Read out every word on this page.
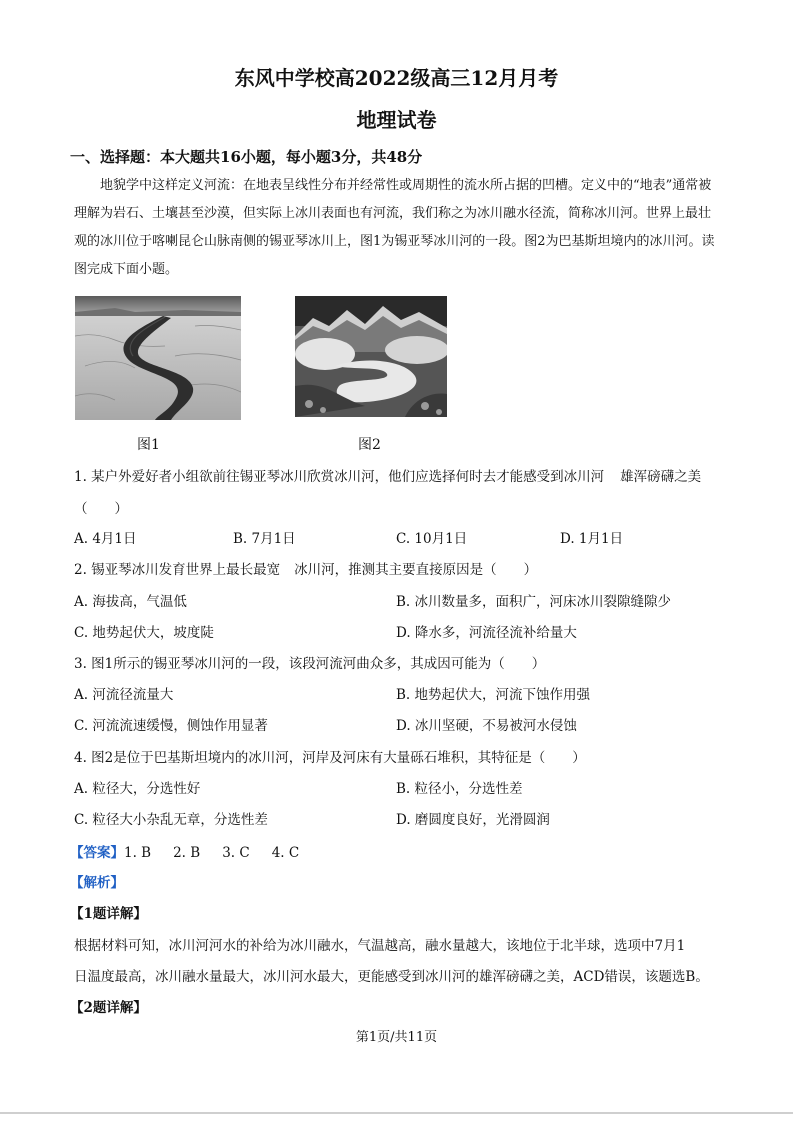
东风中学校高2022级高三12月月考
地理试卷
一、选择题：本大题共16小题，每小题3分，共48分
地貌学中这样定义河流：在地表呈线性分布并经常性或周期性的流水所占据的凹槽。定义中的“地表”通常被理解为岩石、土壤甚至沙漠，但实际上冰川表面也有河流，我们称之为冰川融水径流，简称冰川河。世界上最壮观的冰川位于喀喇昆仑山脉南侧的锡亚琴冰川上，图1为锡亚琴冰川河的一段。图2为巴基斯坦境内的冰川河。读图完成下面小题。
图1	图2
1. 某户外爱好者小组欲前往锡亚琴冰川欣赏冰川河，他们应选择何时去才能感受到冰川河 雄浑磅礴之美
（　　）
A. 4月1日	B. 7月1日	C. 10月1日	D. 1月1日
2. 锡亚琴冰川发育世界上最长最宽 冰川河，推测其主要直接原因是（　　）
A. 海拔高，气温低	B. 冰川数量多，面积广，河床冰川裂隙缝隙少
C. 地势起伏大，坡度陡	D. 降水多，河流径流补给量大
3. 图1所示的锡亚琴冰川河的一段，该段河流河曲众多，其成因可能为（　　）
A. 河流径流量大	B. 地势起伏大，河流下蚀作用强
C. 河流流速缓慢，侧蚀作用显著	D. 冰川坚硬，不易被河水侵蚀
4. 图2是位于巴基斯坦境内的冰川河，河岸及河床有大量砾石堆积，其特征是（　　）
A. 粒径大，分选性好	B. 粒径小，分选性差
C. 粒径大小杂乱无章，分选性差	D. 磨圆度良好，光滑圆润
【答案】1. B 2. B 3. C 4. C
【解析】
【1题详解】
根据材料可知，冰川河河水的补给为冰川融水，气温越高，融水量越大，该地位于北半球，选项中7月1
日温度最高，冰川融水量最大，冰川河水最大，更能感受到冰川河的雄浑磅礴之美，ACD错误，该题选B。
【2题详解】
第1页/共11页
